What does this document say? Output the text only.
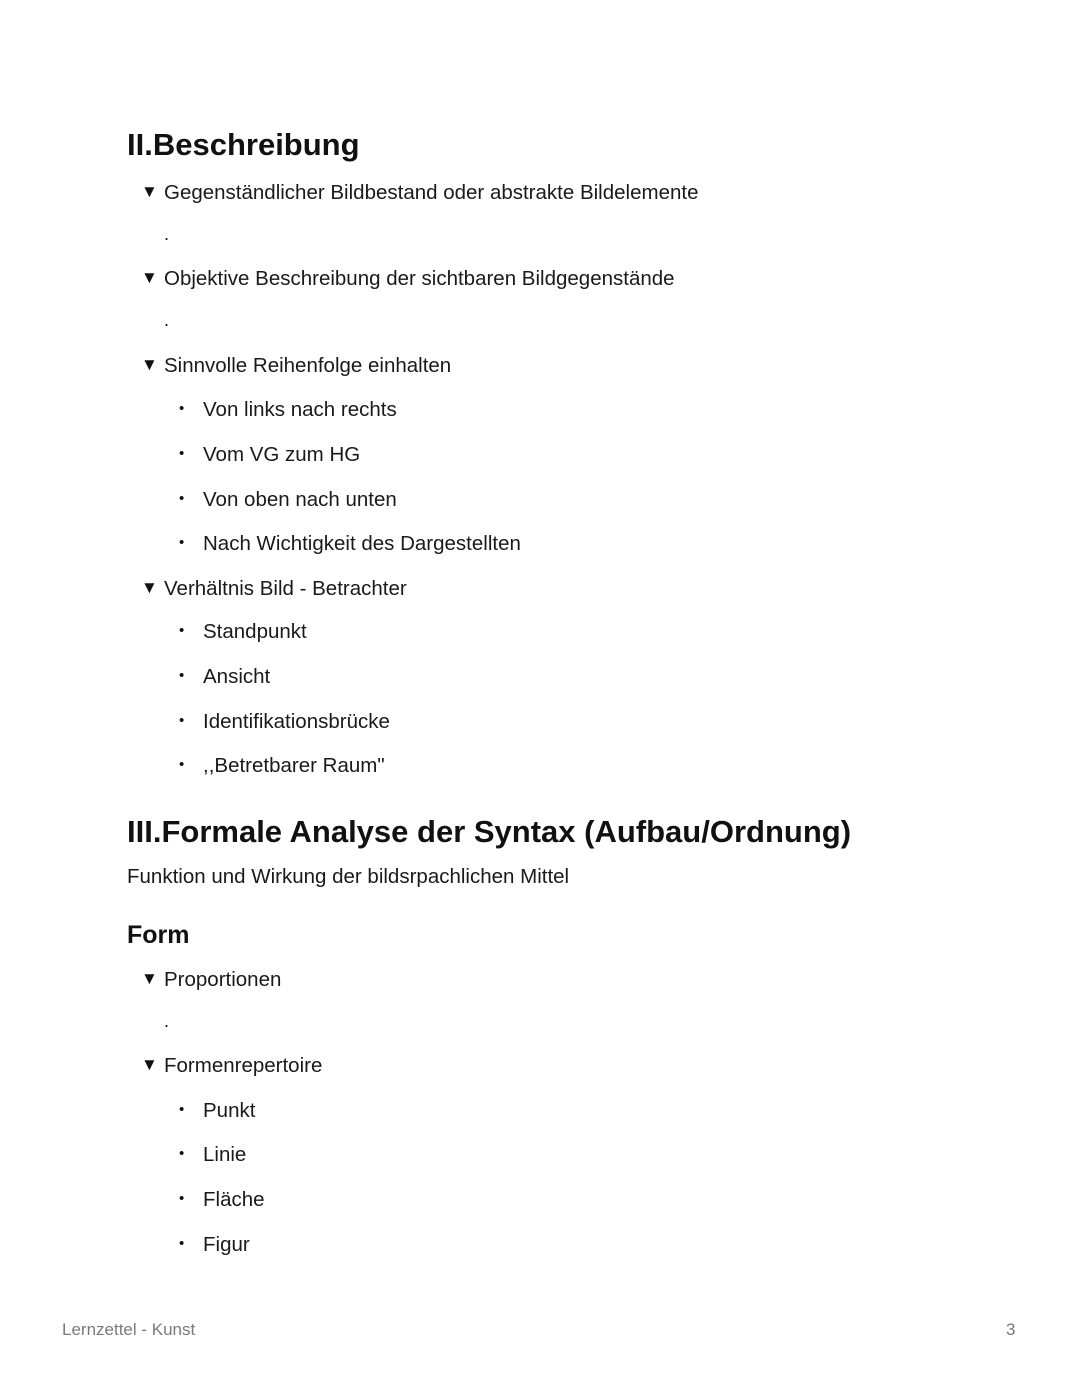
II.Beschreibung
▼ Gegenständlicher Bildbestand oder abstrakte Bildelemente
.
▼ Objektive Beschreibung der sichtbaren Bildgegenstände
.
▼ Sinnvolle Reihenfolge einhalten
• Von links nach rechts
• Vom VG zum HG
• Von oben nach unten
• Nach Wichtigkeit des Dargestellten
▼ Verhältnis Bild - Betrachter
• Standpunkt
• Ansicht
• Identifikationsbrücke
• ,,Betretbarer Raum"
III.Formale Analyse der Syntax (Aufbau/Ordnung)
Funktion und Wirkung der bildsrpachlichen Mittel
Form
▼ Proportionen
.
▼ Formenrepertoire
• Punkt
• Linie
• Fläche
• Figur
Lernzettel - Kunst	3
